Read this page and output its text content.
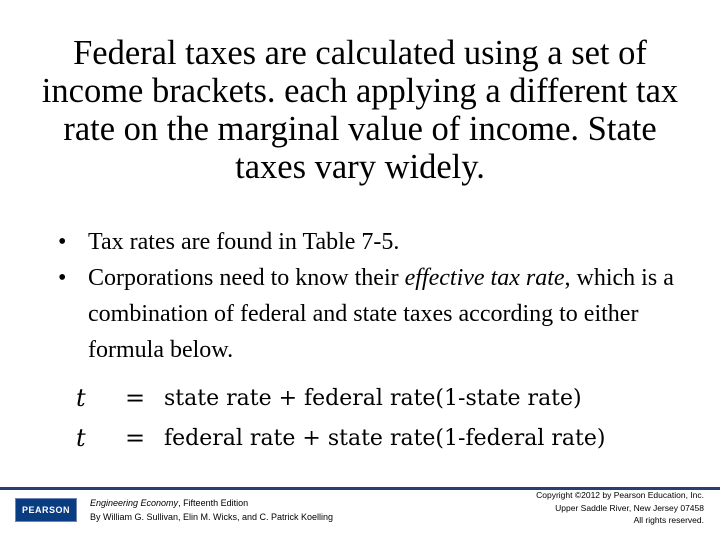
Federal taxes are calculated using a set of income brackets. each applying a different tax rate on the marginal value of income. State taxes vary widely.
• Tax rates are found in Table 7-5.
• Corporations need to know their effective tax rate, which is a combination of federal and state taxes according to either formula below.
t	= state rate + federal rate(1-state rate)
t	= federal rate + state rate(1-federal rate)
PEARSON
Engineering Economy, Fifteenth Edition
By William G. Sullivan, Elin M. Wicks, and C. Patrick Koelling
Copyright ©2012 by Pearson Education, Inc.
Upper Saddle River, New Jersey 07458
All rights reserved.
